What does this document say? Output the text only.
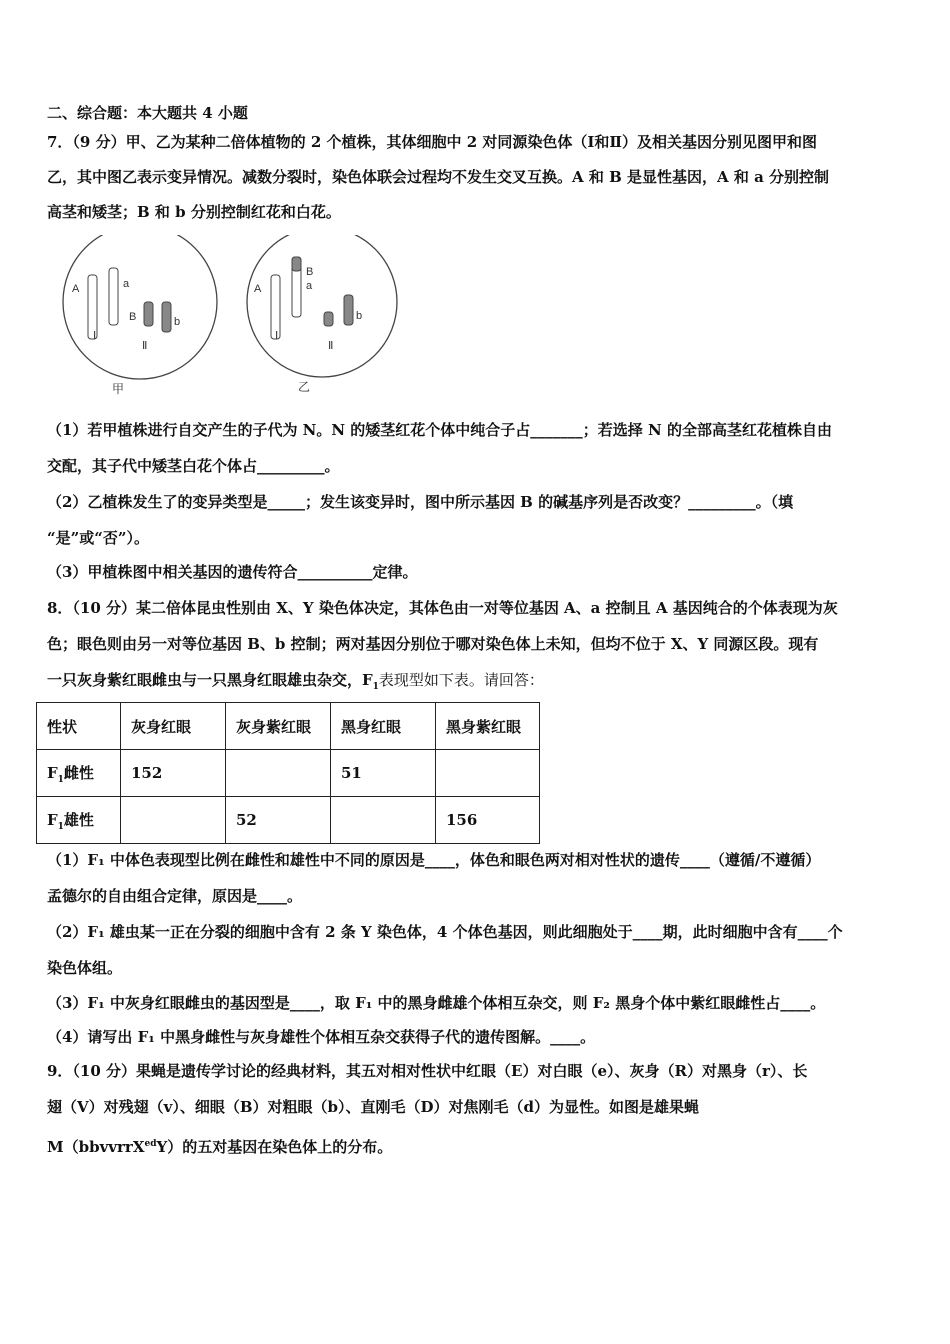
二、综合题：本大题共 4 小题
7．（9 分）甲、乙为某种二倍体植物的 2 个植株，其体细胞中 2 对同源染色体（Ⅰ和Ⅱ）及相关基因分别见图甲和图
乙，其中图乙表示变异情况。减数分裂时，染色体联会过程均不发生交叉互换。A 和 B 是显性基因，A 和 a 分别控制
高茎和矮茎；B 和 b 分别控制红花和白花。
A	a
B	b
Ⅰ
Ⅱ
甲
A
B
a
b
Ⅰ
Ⅱ
乙
（1）若甲植株进行自交产生的子代为 N。N 的矮茎红花个体中纯合子占_______；若选择 N 的全部高茎红花植株自由
交配，其子代中矮茎白花个体占_________。
（2）乙植株发生了的变异类型是_____；发生该变异时，图中所示基因 B 的碱基序列是否改变？_________。（填
“是”或“否”）。
（3）甲植株图中相关基因的遗传符合__________定律。
8．（10 分）某二倍体昆虫性别由 X、Y 染色体决定，其体色由一对等位基因 A、a 控制且 A 基因纯合的个体表现为灰
色；眼色则由另一对等位基因 B、b 控制；两对基因分别位于哪对染色体上未知，但均不位于 X、Y 同源区段。现有
一只灰身紫红眼雌虫与一只黑身红眼雄虫杂交，$F_1$表现型如下表。请回答：
性状	灰身红眼	灰身紫红眼	黑身红眼	黑身紫红眼
$F_1$雌性	152		51	
$F_1$雄性		52		156
（1）F₁ 中体色表现型比例在雌性和雄性中不同的原因是____，体色和眼色两对相对性状的遗传____（遵循/不遵循）
孟德尔的自由组合定律，原因是____。
（2）F₁ 雄虫某一正在分裂的细胞中含有 2 条 Y 染色体，4 个体色基因，则此细胞处于____期，此时细胞中含有____个
染色体组。
（3）F₁ 中灰身红眼雌虫的基因型是____，取 F₁ 中的黑身雌雄个体相互杂交，则 F₂ 黑身个体中紫红眼雌性占____。
（4）请写出 F₁ 中黑身雌性与灰身雄性个体相互杂交获得子代的遗传图解。____。
9．（10 分）果蝇是遗传学讨论的经典材料，其五对相对性状中红眼（E）对白眼（e）、灰身（R）对黑身（r）、长
翅（V）对残翅（v）、细眼（B）对粗眼（b）、直刚毛（D）对焦刚毛（d）为显性。如图是雄果蝇
M（bbvvrrX$^{ed}$Y）的五对基因在染色体上的分布。
